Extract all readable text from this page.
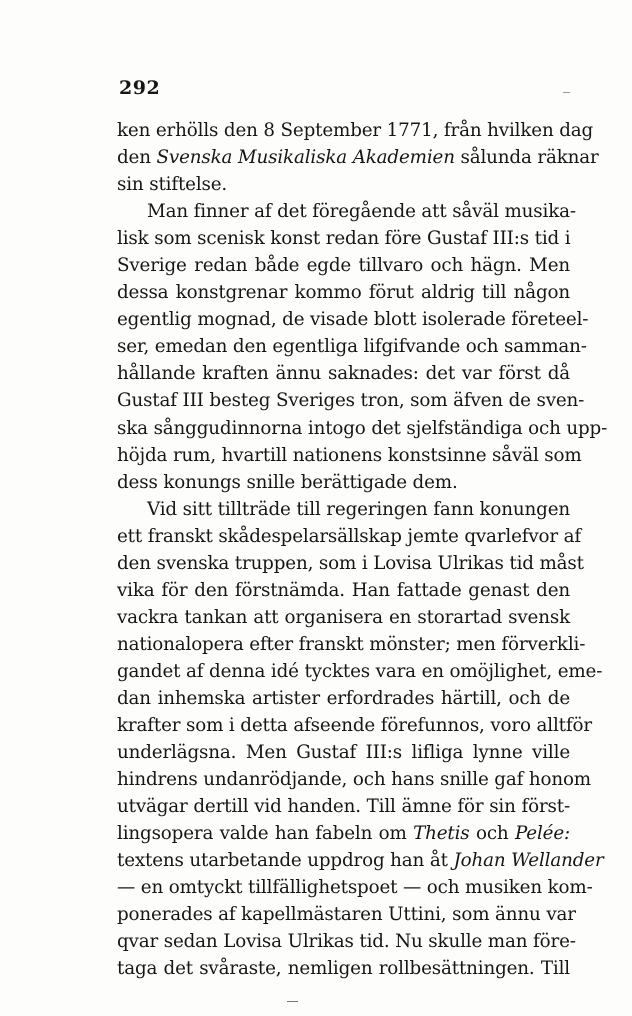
292
ken erhölls den 8 September 1771, från hvilken dag
den Svenska Musikaliska Akademien sålunda räknar
sin stiftelse.
Man finner af det föregående att såväl musika-
lisk som scenisk konst redan före Gustaf III:s tid i
Sverige redan både egde tillvaro och hägn. Men
dessa konstgrenar kommo förut aldrig till någon
egentlig mognad, de visade blott isolerade företeel-
ser, emedan den egentliga lifgifvande och samman-
hållande kraften ännu saknades: det var först då
Gustaf III besteg Sveriges tron, som äfven de sven-
ska sånggudinnorna intogo det sjelfständiga och upp-
höjda rum, hvartill nationens konstsinne såväl som
dess konungs snille berättigade dem.
Vid sitt tillträde till regeringen fann konungen
ett franskt skådespelarsällskap jemte qvarlefvor af
den svenska truppen, som i Lovisa Ulrikas tid måst
vika för den förstnämda. Han fattade genast den
vackra tankan att organisera en storartad svensk
nationalopera efter franskt mönster; men förverkli-
gandet af denna idé tycktes vara en omöjlighet, eme-
dan inhemska artister erfordrades härtill, och de
krafter som i detta afseende förefunnos, voro alltför
underlägsna. Men Gustaf III:s lifliga lynne ville
hindrens undanrödjande, och hans snille gaf honom
utvägar dertill vid handen. Till ämne för sin först-
lingsopera valde han fabeln om Thetis och Pelée:
textens utarbetande uppdrog han åt Johan Wellander
— en omtyckt tillfällighetspoet — och musiken kom-
ponerades af kapellmästaren Uttini, som ännu var
qvar sedan Lovisa Ulrikas tid. Nu skulle man före-
taga det svåraste, nemligen rollbesättningen. Till
